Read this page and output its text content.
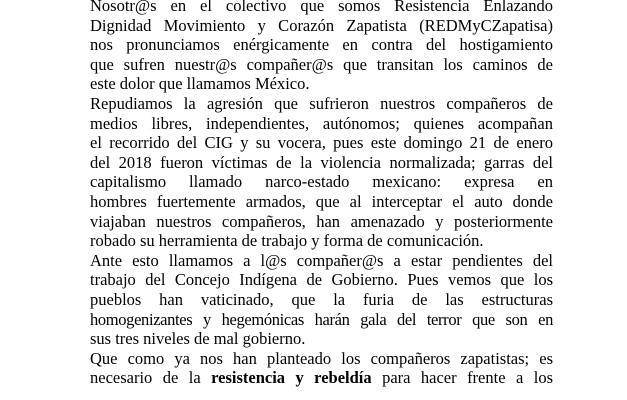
Nosotr@s en el colectivo que somos Resistencia Enlazando
Dignidad Movimiento y Corazón Zapatista (REDMyCZapatisa)
nos pronunciamos enérgicamente en contra del hostigamiento
que sufren nuestr@s compañer@s que transitan los caminos de
este dolor que llamamos México.
Repudiamos la agresión que sufrieron nuestros compañeros de
medios libres, independientes, autónomos; quienes acompañan
el recorrido del CIG y su vocera, pues este domingo 21 de enero
del 2018 fueron víctimas de la violencia normalizada; garras del
capitalismo llamado narco-estado mexicano: expresa en
hombres fuertemente armados, que al interceptar el auto donde
viajaban nuestros compañeros, han amenazado y posteriormente
robado su herramienta de trabajo y forma de comunicación.
Ante esto llamamos a l@s compañer@s a estar pendientes del
trabajo del Concejo Indígena de Gobierno. Pues vemos que los
pueblos han vaticinado, que la furia de las estructuras
homogenizantes y hegemónicas harán gala del terror que son en
sus tres niveles de mal gobierno.
Que como ya nos han planteado los compañeros zapatistas; es
necesario de la resistencia y rebeldía para hacer frente a los
